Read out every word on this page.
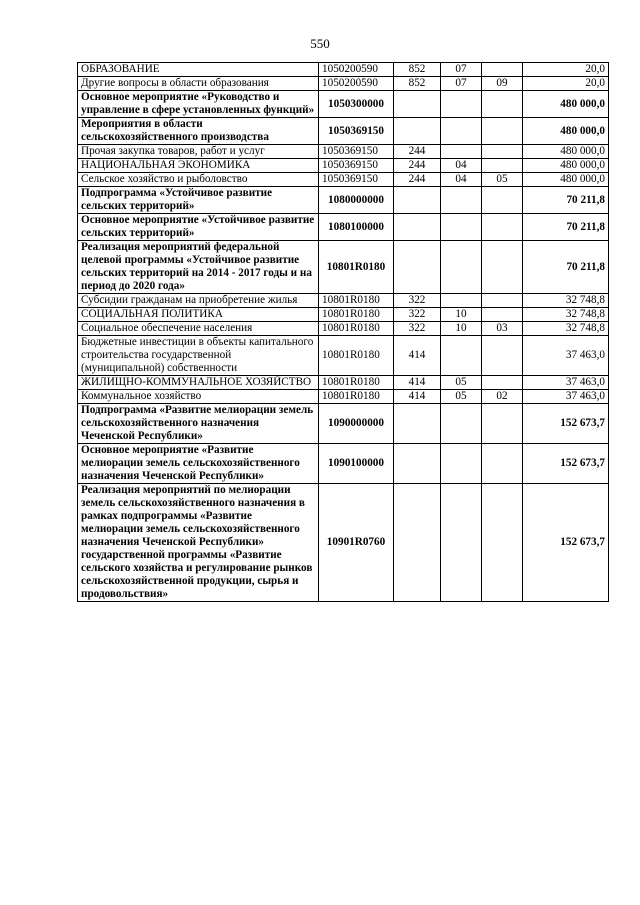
550
ОБРАЗОВАНИЕ	1050200590	852	07		20,0
Другие вопросы в области образования	1050200590	852	07	09	20,0
Основное мероприятие «Руководство и управление в сфере установленных функций»	1050300000				480 000,0
Мероприятия в области сельскохозяйственного производства	1050369150				480 000,0
Прочая закупка товаров, работ и услуг	1050369150	244			480 000,0
НАЦИОНАЛЬНАЯ ЭКОНОМИКА	1050369150	244	04		480 000,0
Сельское хозяйство и рыболовство	1050369150	244	04	05	480 000,0
Подпрограмма «Устойчивое развитие сельских территорий»	1080000000				70 211,8
Основное мероприятие «Устойчивое развитие сельских территорий»	1080100000				70 211,8
Реализация мероприятий федеральной целевой программы «Устойчивое развитие сельских территорий на 2014 - 2017 годы и на период до 2020 года»	10801R0180				70 211,8
Субсидии гражданам на приобретение жилья	10801R0180	322			32 748,8
СОЦИАЛЬНАЯ ПОЛИТИКА	10801R0180	322	10		32 748,8
Социальное обеспечение населения	10801R0180	322	10	03	32 748,8
Бюджетные инвестиции в объекты капитального строительства государственной (муниципальной) собственности	10801R0180	414			37 463,0
ЖИЛИЩНО-КОММУНАЛЬНОЕ ХОЗЯЙСТВО	10801R0180	414	05		37 463,0
Коммунальное хозяйство	10801R0180	414	05	02	37 463,0
Подпрограмма «Развитие мелиорации земель сельскохозяйственного назначения Чеченской Республики»	1090000000				152 673,7
Основное мероприятие «Развитие мелиорации земель сельскохозяйственного назначения Чеченской Республики»	1090100000				152 673,7
Реализация мероприятий по мелиорации земель сельскохозяйственного назначения в рамках подпрограммы «Развитие мелиорации земель сельскохозяйственного назначения Чеченской Республики» государственной программы «Развитие сельского хозяйства и регулирование рынков сельскохозяйственной продукции, сырья и продовольствия»	10901R0760				152 673,7
